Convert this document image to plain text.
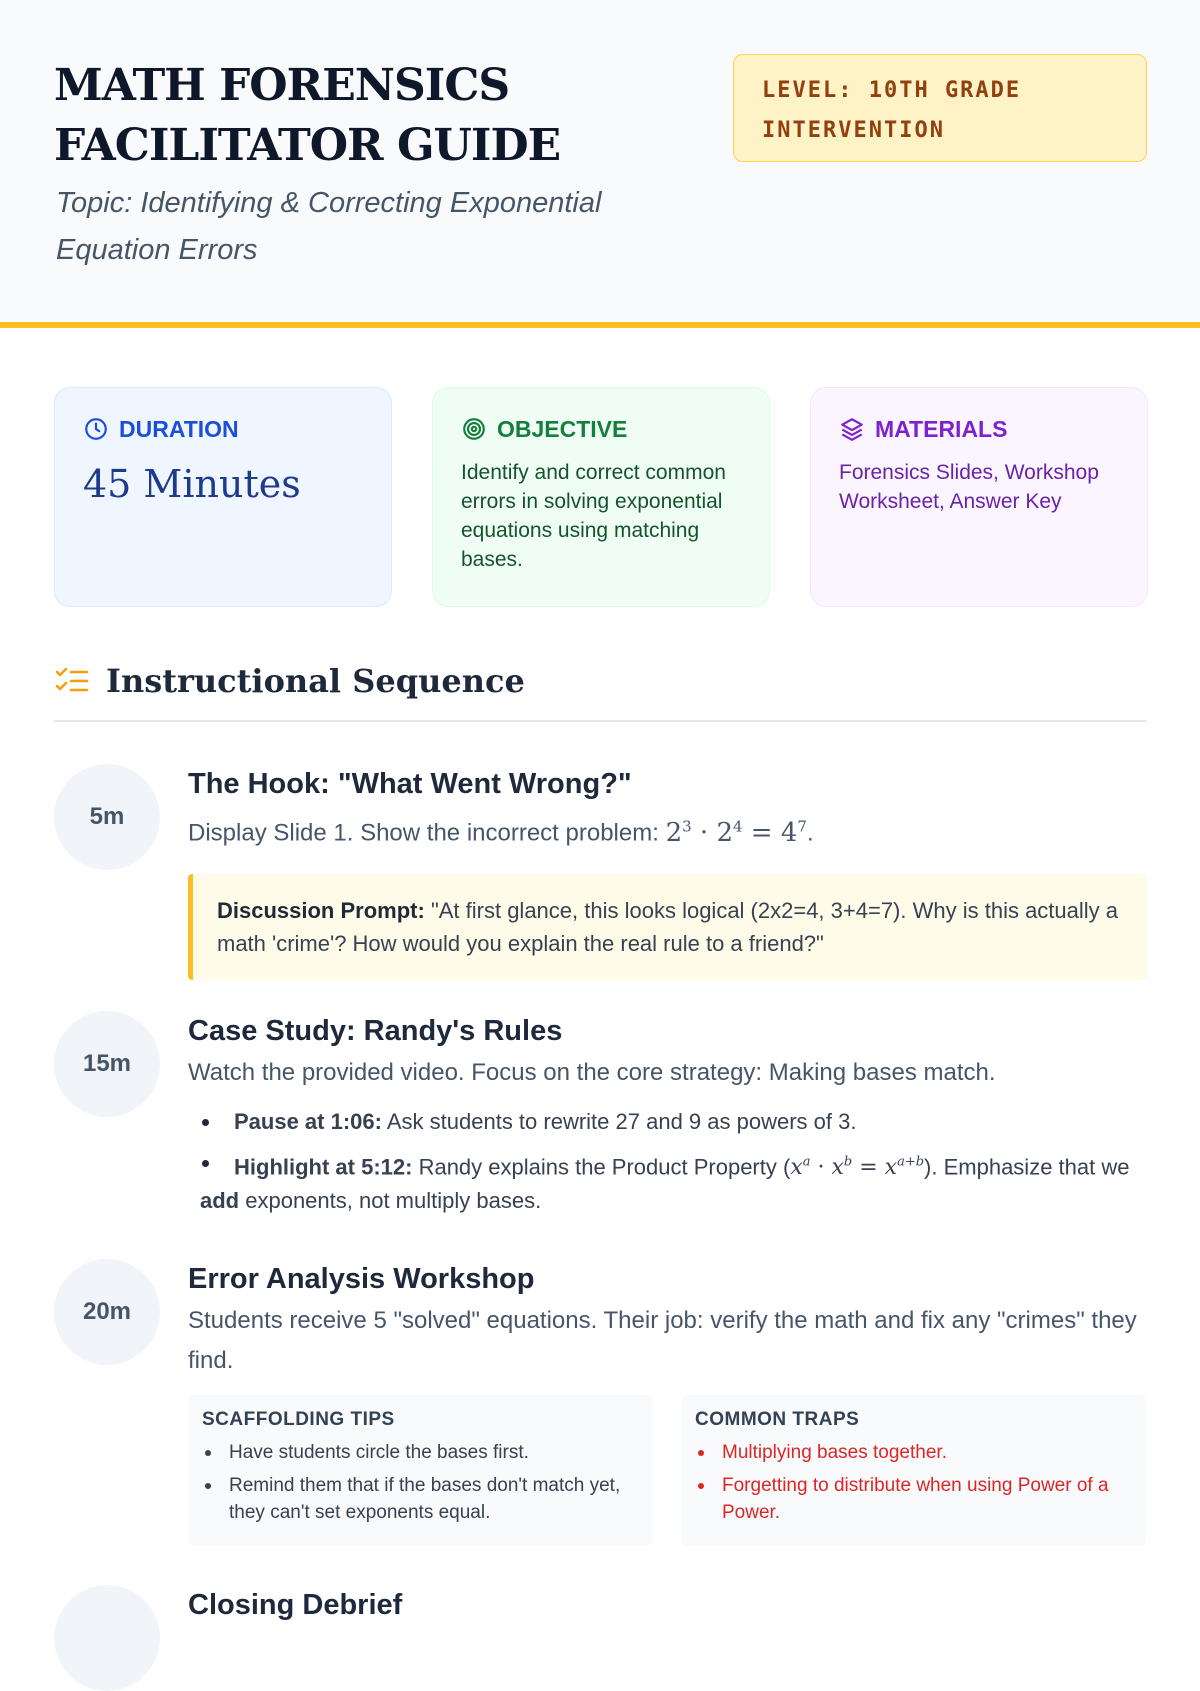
MATH FORENSICS
FACILITATOR GUIDE

Topic: Identifying & Correcting Exponential
Equation Errors

LEVEL: 10TH GRADE
INTERVENTION
DURATION
45 Minutes
OBJECTIVE
Identify and correct common errors in solving exponential equations using matching bases.
MATERIALS
Forensics Slides, Workshop Worksheet, Answer Key
Instructional Sequence
5m
The Hook: "What Went Wrong?"

Display Slide 1. Show the incorrect problem: $2^3 \cdot 2^4 = 4^7$.

Discussion Prompt: "At first glance, this looks logical (2x2=4, 3+4=7). Why is this actually a math 'crime'? How would you explain the real rule to a friend?"
15m
Case Study: Randy's Rules

Watch the provided video. Focus on the core strategy: Making bases match.

Pause at 1:06: Ask students to rewrite 27 and 9 as powers of 3.
Highlight at 5:12: Randy explains the Product Property $(x^a \cdot x^b = x^{a+b})$. Emphasize that we add exponents, not multiply bases.
20m
Error Analysis Workshop

Students receive 5 "solved" equations. Their job: verify the math and fix any "crimes" they find.

SCAFFOLDING TIPS
Have students circle the bases first.
Remind them that if the bases don't match yet, they can't set exponents equal.
COMMON TRAPS
Multiplying bases together.
Forgetting to distribute when using Power of a Power.
Closing Debrief
